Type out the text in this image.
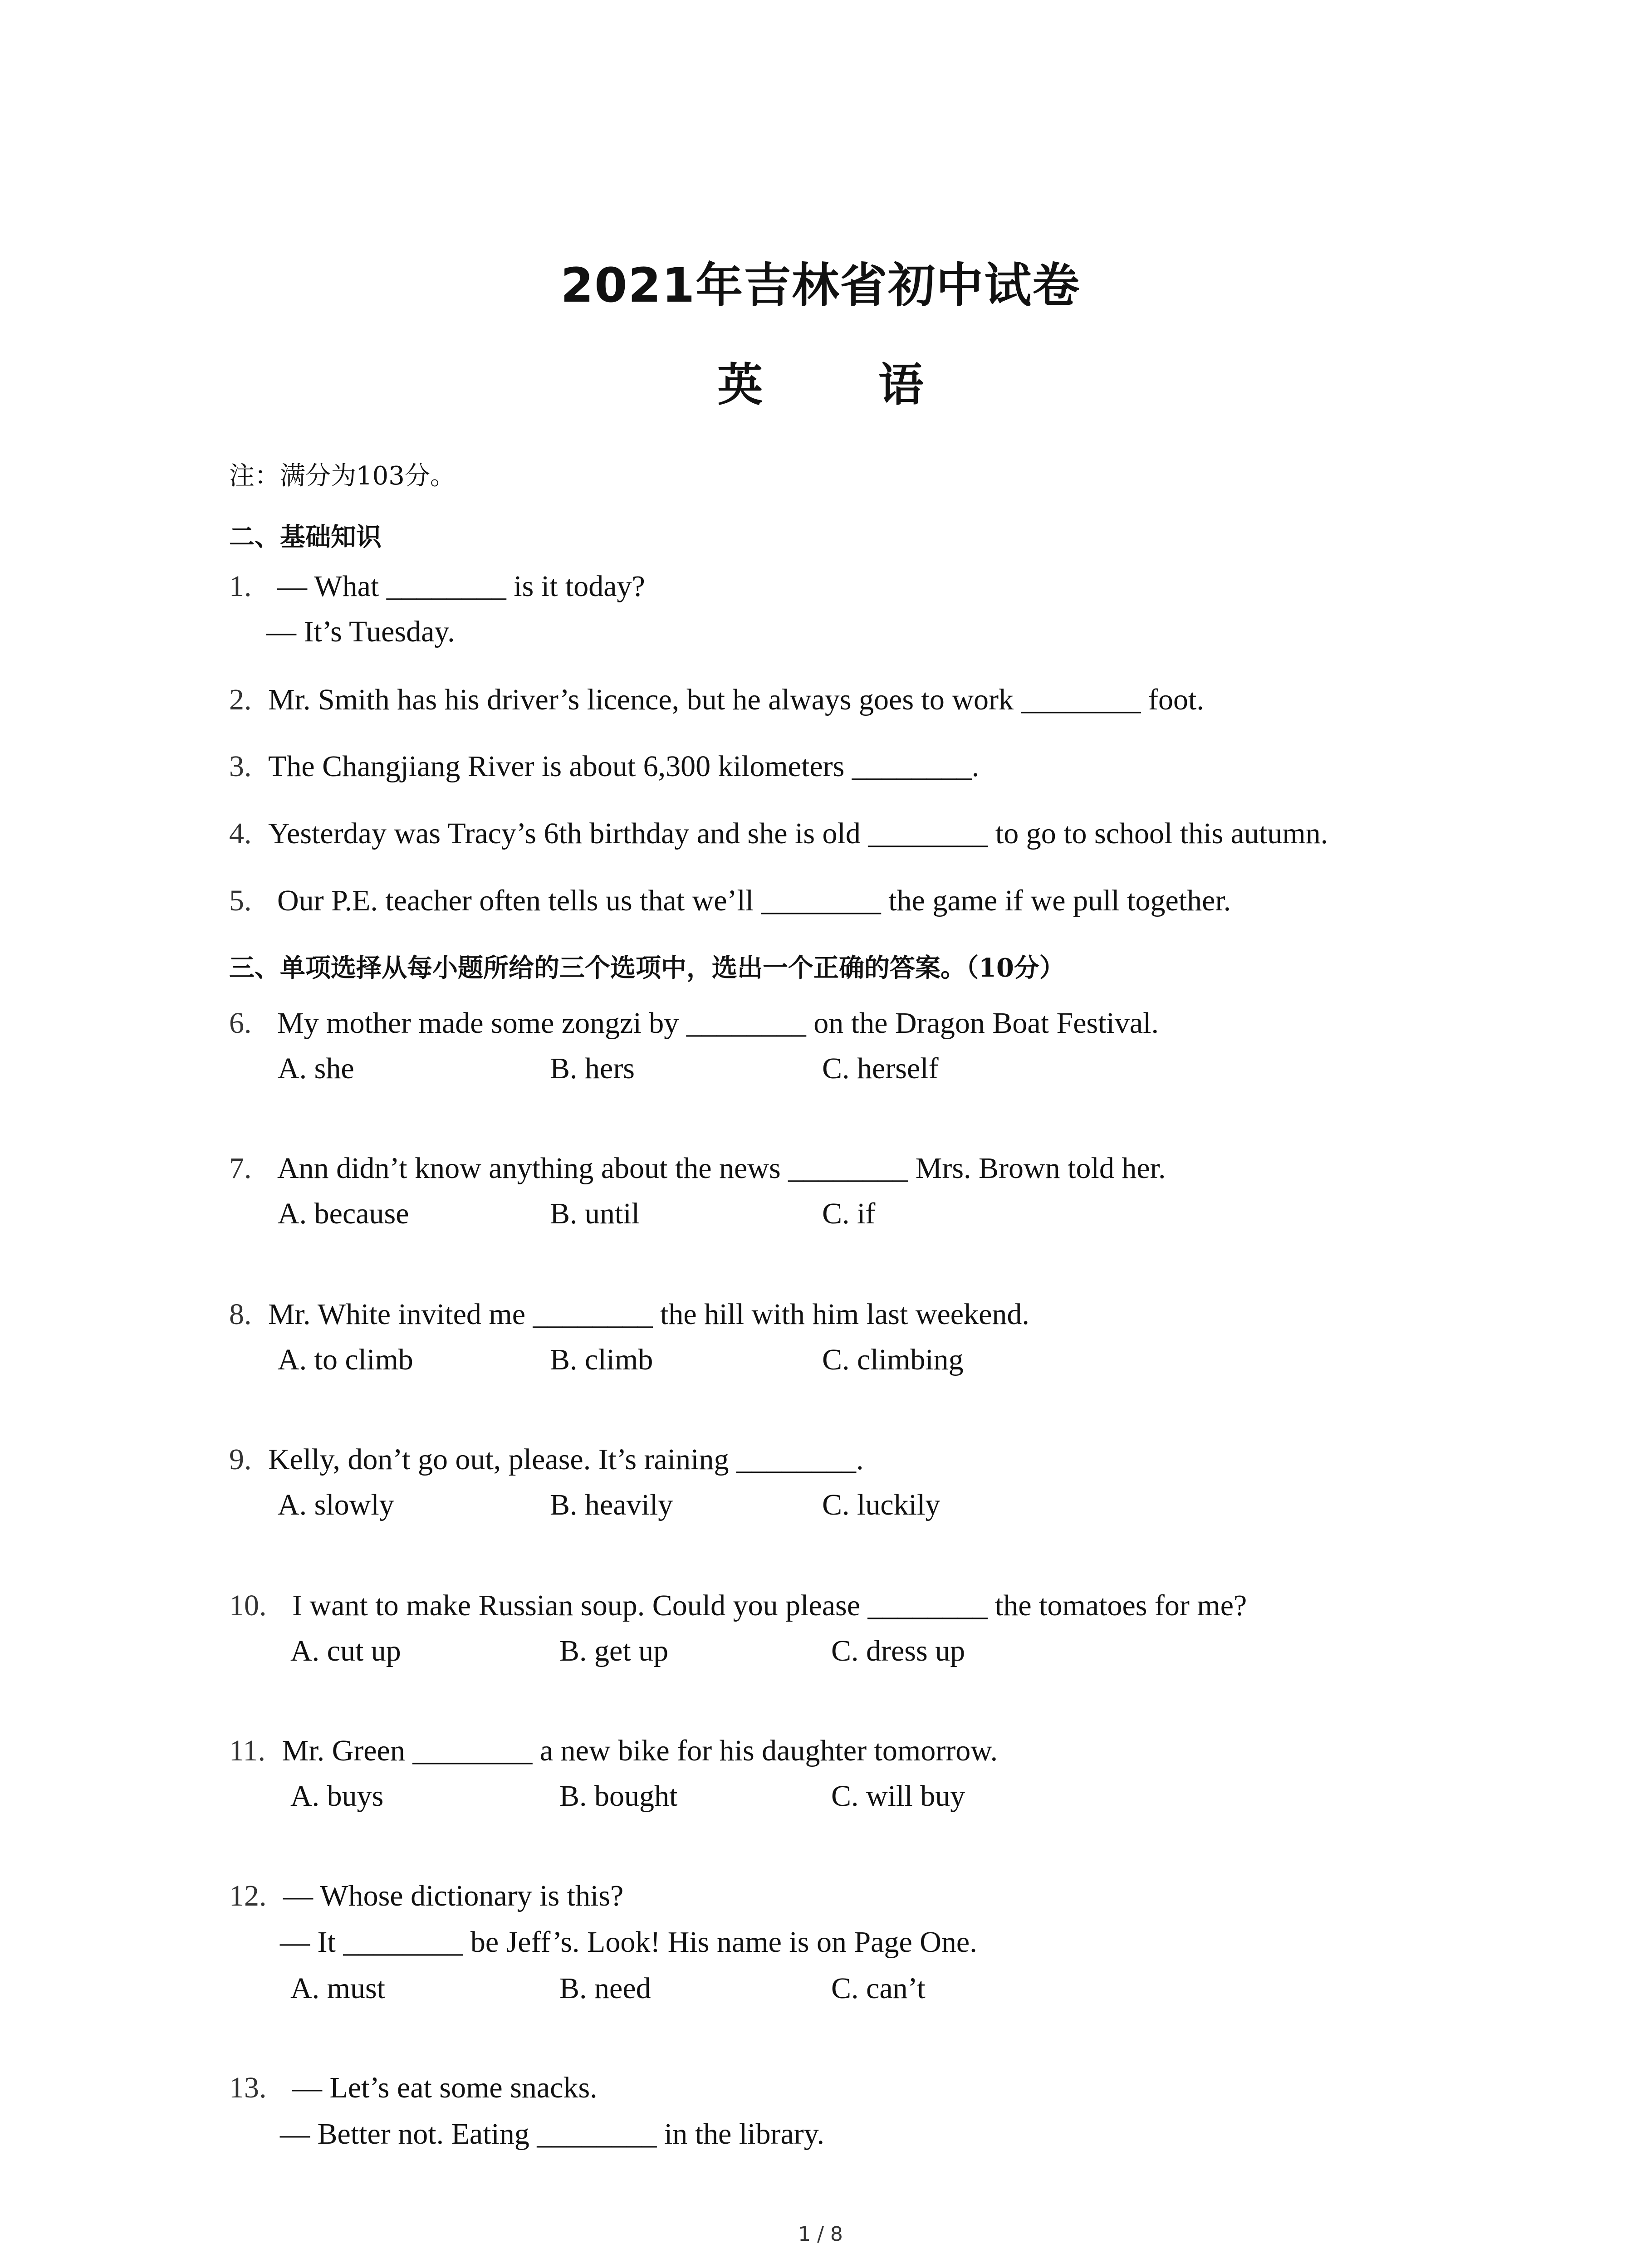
2021年吉林省初中试卷
英 语
注：满分为103分。
二、基础知识
1. — What ________ is it today?
— It’s Tuesday.
2. Mr. Smith has his driver’s licence, but he always goes to work ________ foot.
3. The Changjiang River is about 6,300 kilometers ________.
4. Yesterday was Tracy’s 6th birthday and she is old ________ to go to school this autumn.
5. Our P.E. teacher often tells us that we’ll ________ the game if we pull together.
三、单项选择从每小题所给的三个选项中，选出一个正确的答案。（10分）
6. My mother made some zongzi by ________ on the Dragon Boat Festival.
A. she	B. hers	C. herself
7. Ann didn’t know anything about the news ________ Mrs. Brown told her.
A. because	B. until	C. if
8. Mr. White invited me ________ the hill with him last weekend.
A. to climb	B. climb	C. climbing
9. Kelly, don’t go out, please. It’s raining ________.
A. slowly	B. heavily	C. luckily
10. I want to make Russian soup. Could you please ________ the tomatoes for me?
A. cut up	B. get up	C. dress up
11. Mr. Green ________ a new bike for his daughter tomorrow.
A. buys	B. bought	C. will buy
12. — Whose dictionary is this?
— It ________ be Jeff’s. Look! His name is on Page One.
A. must	B. need	C. can’t
13. — Let’s eat some snacks.
— Better not. Eating ________ in the library.
1 / 8
